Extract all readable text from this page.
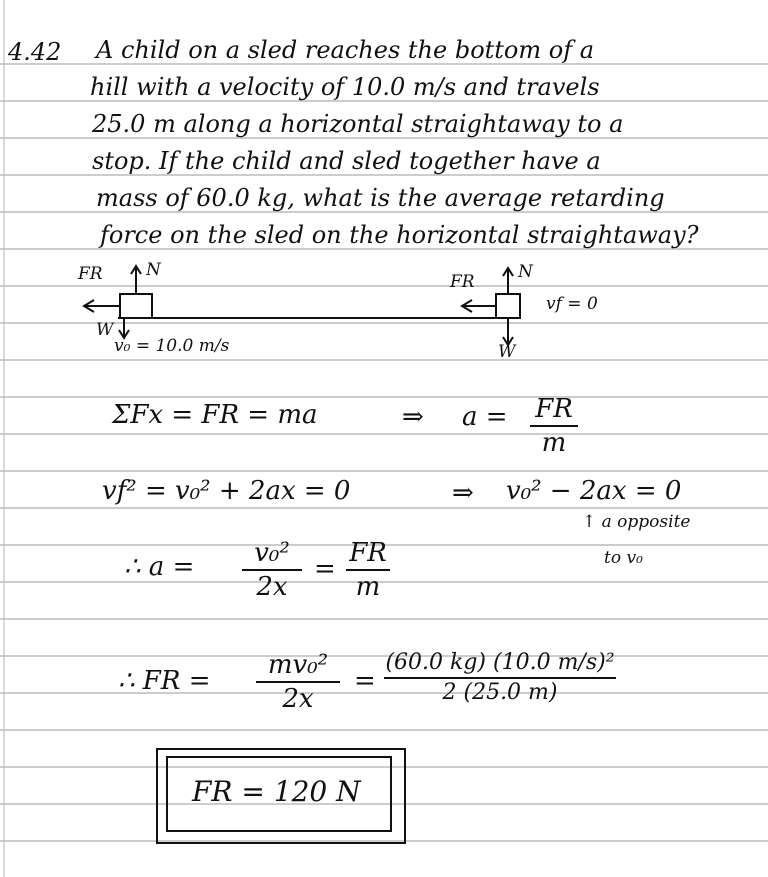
4.42 A child on a sled reaches the bottom of a
hill with a velocity of 10.0 m/s and travels
25.0 m along a horizontal straightaway to a
stop. If the child and sled together have a
mass of 60.0 kg, what is the average retarding
force on the sled on the horizontal straightaway?
FR	N
W
v₀ = 10.0 m/s
FR	N
W
vf = 0
ΣFx = FR = ma	⇒ a = FR
m
vf² = v₀² + 2ax = 0	⇒ v₀² − 2ax = 0
↑ a opposite
to v₀
∴ a =	v₀²
2x
=
FR
m
∴ FR =
mv₀²
2x
=
(60.0 kg) (10.0 m/s)²
2 (25.0 m)
FR = 120 N
